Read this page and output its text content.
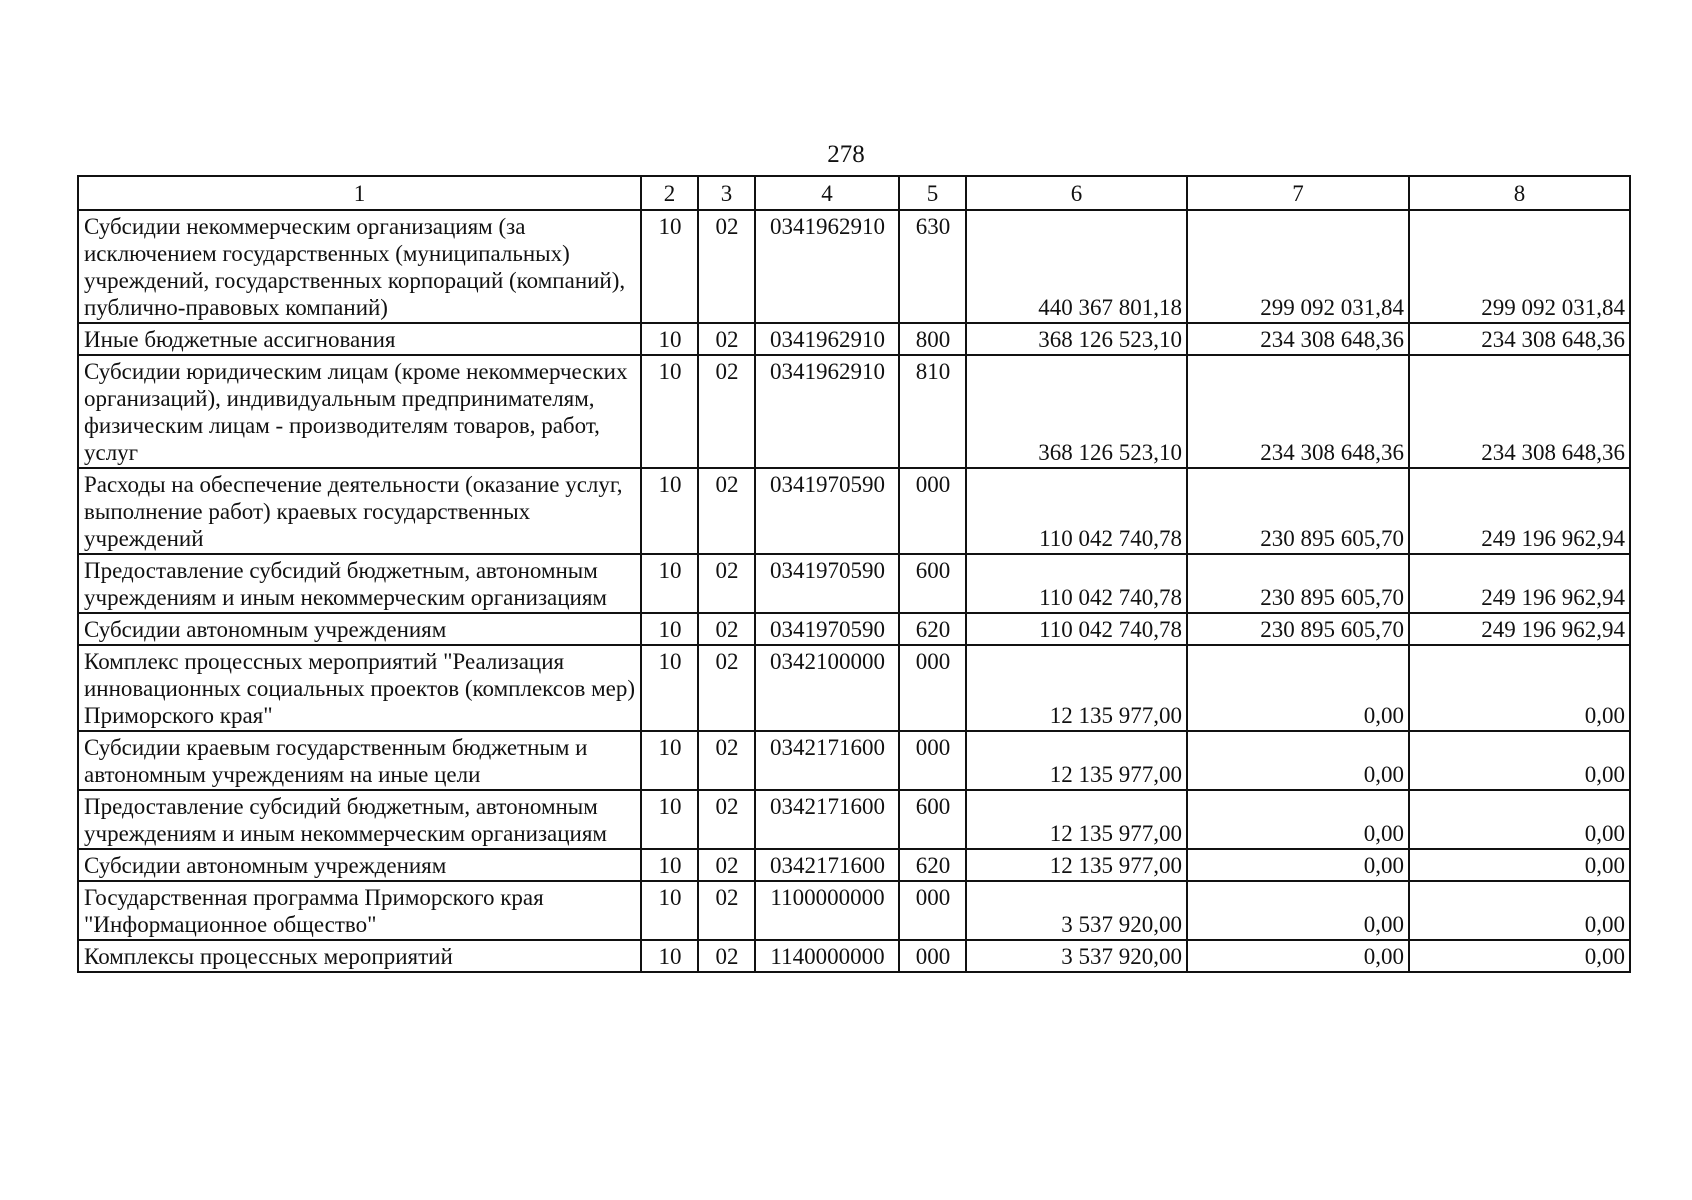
278
1	2	3	4	5	6	7	8
Субсидии некоммерческим организациям (за исключением государственных (муниципальных) учреждений, государственных корпораций (компаний), публично-правовых компаний)	10	02	0341962910	630	440 367 801,18	299 092 031,84	299 092 031,84
Иные бюджетные ассигнования	10	02	0341962910	800	368 126 523,10	234 308 648,36	234 308 648,36
Субсидии юридическим лицам (кроме некоммерческих организаций), индивидуальным предпринимателям, физическим лицам - производителям товаров, работ, услуг	10	02	0341962910	810	368 126 523,10	234 308 648,36	234 308 648,36
Расходы на обеспечение деятельности (оказание услуг, выполнение работ) краевых государственных учреждений	10	02	0341970590	000	110 042 740,78	230 895 605,70	249 196 962,94
Предоставление субсидий бюджетным, автономным учреждениям и иным некоммерческим организациям	10	02	0341970590	600	110 042 740,78	230 895 605,70	249 196 962,94
Субсидии автономным учреждениям	10	02	0341970590	620	110 042 740,78	230 895 605,70	249 196 962,94
Комплекс процессных мероприятий "Реализация инновационных социальных проектов (комплексов мер) Приморского края"	10	02	0342100000	000	12 135 977,00	0,00	0,00
Субсидии краевым государственным бюджетным и автономным учреждениям на иные цели	10	02	0342171600	000	12 135 977,00	0,00	0,00
Предоставление субсидий бюджетным, автономным учреждениям и иным некоммерческим организациям	10	02	0342171600	600	12 135 977,00	0,00	0,00
Субсидии автономным учреждениям	10	02	0342171600	620	12 135 977,00	0,00	0,00
Государственная программа Приморского края "Информационное общество"	10	02	1100000000	000	3 537 920,00	0,00	0,00
Комплексы процессных мероприятий	10	02	1140000000	000	3 537 920,00	0,00	0,00
